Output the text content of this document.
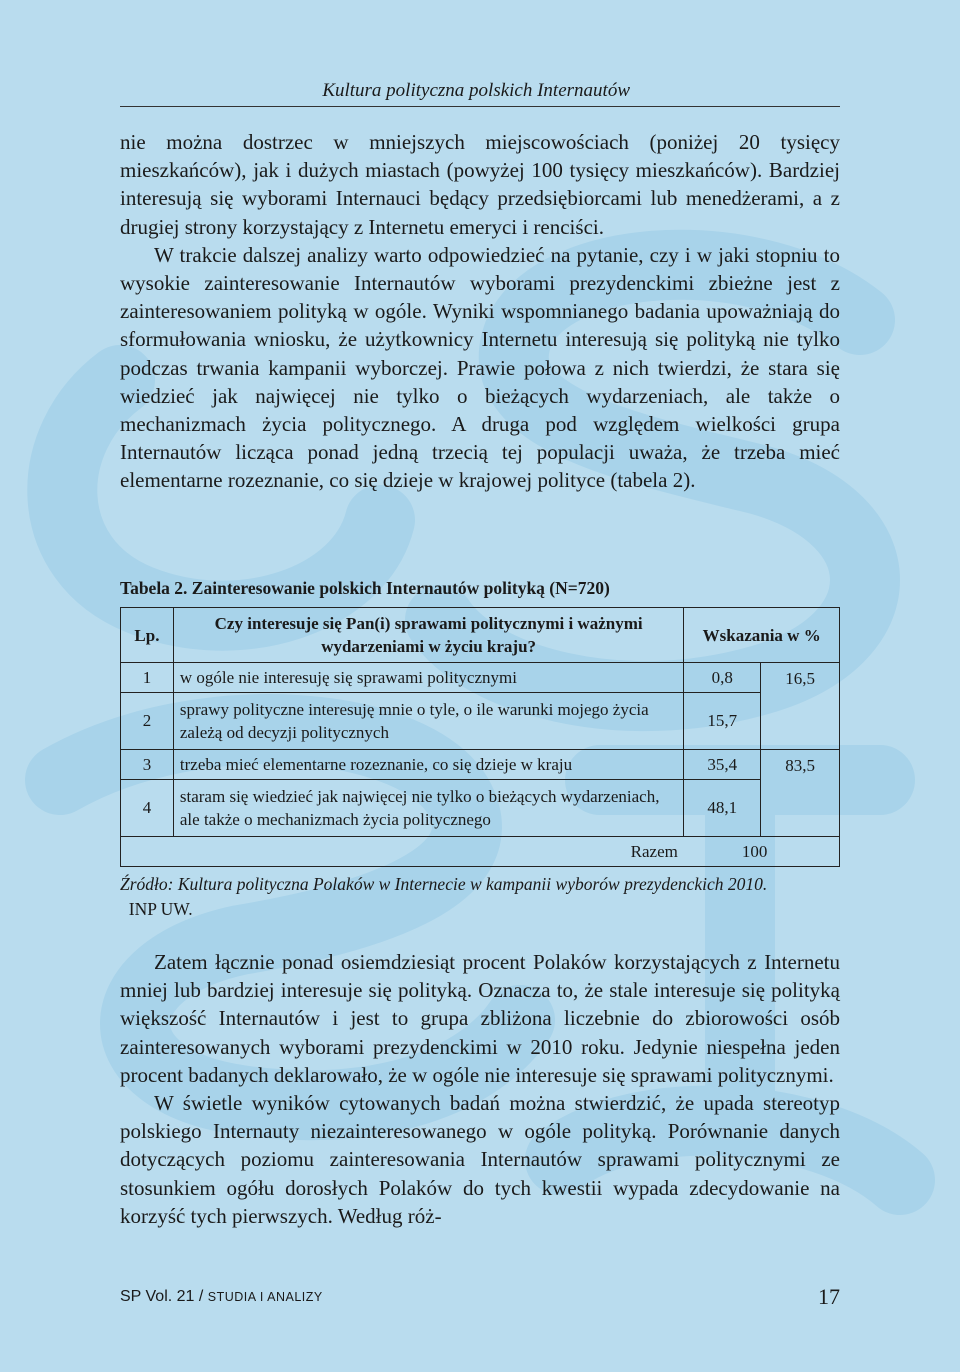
Kultura polityczna polskich Internautów

nie można dostrzec w mniejszych miejscowościach (poniżej 20 tysięcy mieszkańców), jak i dużych miastach (powyżej 100 tysięcy mieszkańców). Bardziej interesują się wyborami Internauci będący przedsiębiorcami lub menedżerami, a z drugiej strony korzystający z Internetu emeryci i renciści.

W trakcie dalszej analizy warto odpowiedzieć na pytanie, czy i w jaki stopniu to wysokie zainteresowanie Internautów wyborami prezydenckimi zbieżne jest z zainteresowaniem polityką w ogóle. Wyniki wspomnianego badania upoważniają do sformułowania wniosku, że użytkownicy Internetu interesują się polityką nie tylko podczas trwania kampanii wyborczej. Prawie połowa z nich twierdzi, że stara się wiedzieć jak najwięcej nie tylko o bieżących wydarzeniach, ale także o mechanizmach życia politycznego. A druga pod względem wielkości grupa Internautów licząca ponad jedną trzecią tej populacji uważa, że trzeba mieć elementarne rozeznanie, co się dzieje w krajowej polityce (tabela 2).

Tabela 2. Zainteresowanie polskich Internautów polityką (N=720)
Lp.	Czy interesuje się Pan(i) sprawami politycznymi i ważnymi wydarzeniami w życiu kraju?	Wskazania w %	
1	w ogóle nie interesuję się sprawami politycznymi	0,8	16,5
2	sprawy polityczne interesuję mnie o tyle, o ile warunki mojego życia zależą od decyzji politycznych	15,7	
3	trzeba mieć elementarne rozeznanie, co się dzieje w kraju	35,4	83,5
4	staram się wiedzieć jak najwięcej nie tylko o bieżących wydarzeniach, ale także o mechanizmach życia politycznego	48,1	
Razem		100	
Źródło: Kultura polityczna Polaków w Internecie w kampanii wyborów prezydenckich 2010.
INP UW.

Zatem łącznie ponad osiemdziesiąt procent Polaków korzystających z Internetu mniej lub bardziej interesuje się polityką. Oznacza to, że stale interesuje się polityką większość Internautów i jest to grupa zbliżona liczebnie do zbiorowości osób zainteresowanych wyborami prezydenckimi w 2010 roku. Jedynie niespełna jeden procent badanych deklarowało, że w ogóle nie interesuje się sprawami politycznymi.

W świetle wyników cytowanych badań można stwierdzić, że upada stereotyp polskiego Internauty niezainteresowanego w ogóle polityką. Porównanie danych dotyczących poziomu zainteresowania Internautów sprawami politycznymi ze stosunkiem ogółu dorosłych Polaków do tych kwestii wypada zdecydowanie na korzyść tych pierwszych. Według róż-

SP Vol. 21 / STUDIA I ANALIZY	17
